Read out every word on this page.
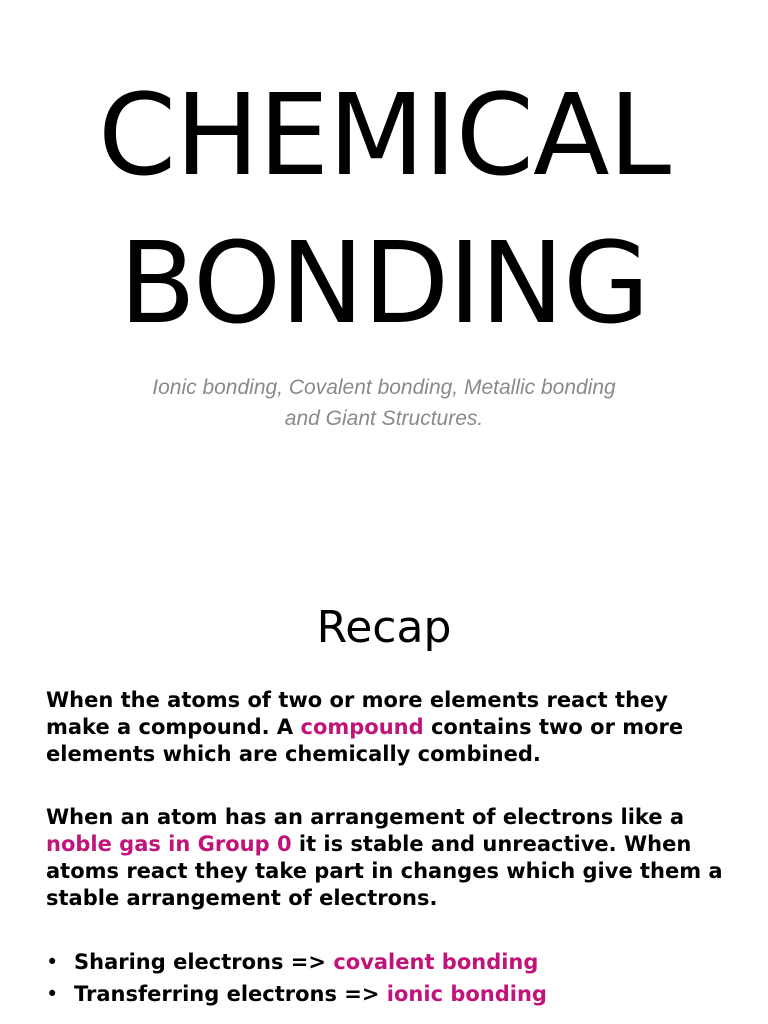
CHEMICAL
BONDING

Ionic bonding, Covalent bonding, Metallic bonding
and Giant Structures.

Recap

When the atoms of two or more elements react they make a compound. A compound contains two or more elements which are chemically combined.

When an atom has an arrangement of electrons like a noble gas in Group 0 it is stable and unreactive. When atoms react they take part in changes which give them a stable arrangement of electrons.

• Sharing electrons => covalent bonding
• Transferring electrons => ionic bonding
